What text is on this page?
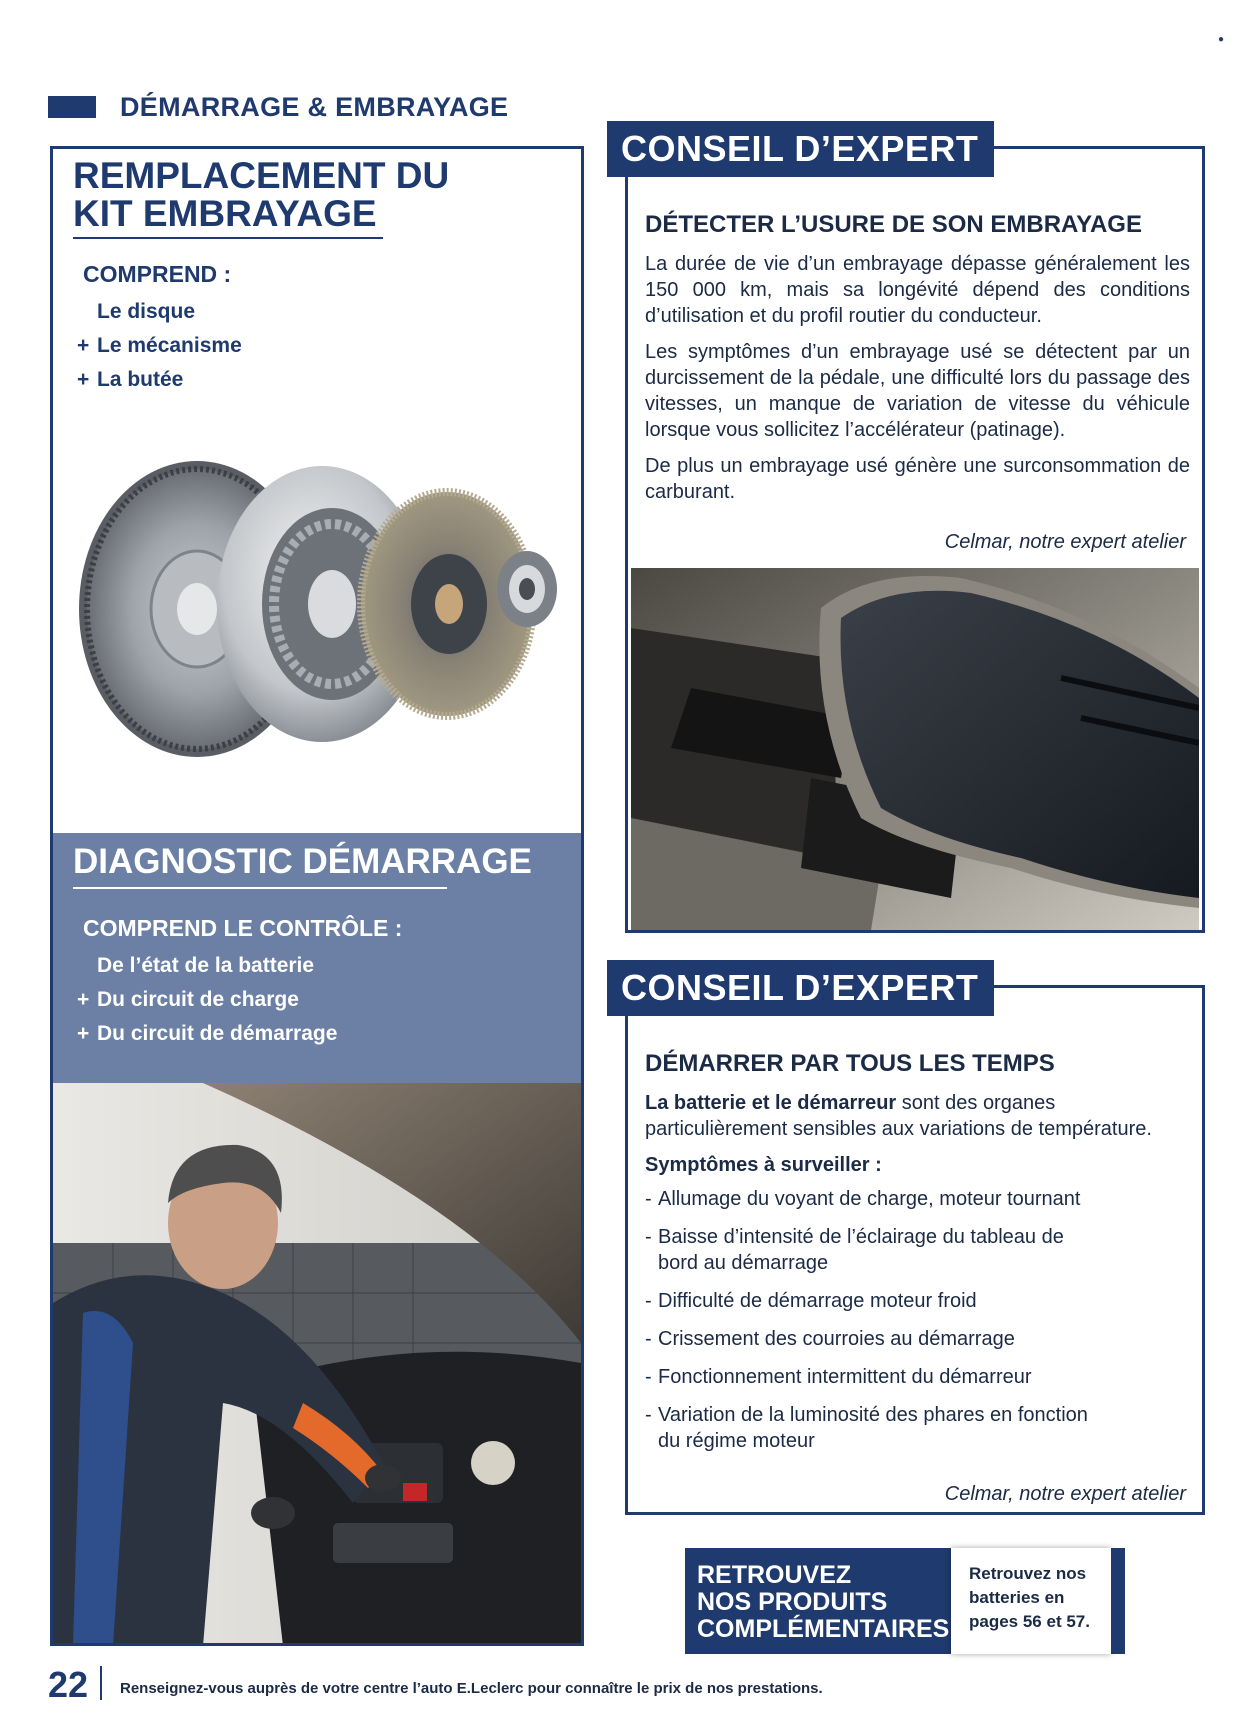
●
DÉMARRAGE & EMBRAYAGE
REMPLACEMENT DU
KIT EMBRAYAGE
COMPREND :
Le disque
+ Le mécanisme
+ La butée
DIAGNOSTIC DÉMARRAGE
COMPREND LE CONTRÔLE :
De l’état de la batterie
+ Du circuit de charge
+ Du circuit de démarrage
DÉTECTER L’USURE DE SON EMBRAYAGE

La durée de vie d’un embrayage dépasse généralement les 150 000 km, mais sa longévité dépend des conditions d’utilisation et du profil routier du conducteur.

Les symptômes d’un embrayage usé se détectent par un durcissement de la pédale, une difficulté lors du passage des vitesses, un manque de variation de vitesse du véhicule lorsque vous sollicitez l’accélérateur (patinage).

De plus un embrayage usé génère une surconsommation de carburant.

Celmar, notre expert atelier
CONSEIL D’EXPERT
DÉMARRER PAR TOUS LES TEMPS

La batterie et le démarreur sont des organes particulièrement sensibles aux variations de température.

Symptômes à surveiller :
- Allumage du voyant de charge, moteur tournant
- Baisse d’intensité de l’éclairage du tableau de bord au démarrage
- Difficulté de démarrage moteur froid
- Crissement des courroies au démarrage
- Fonctionnement intermittent du démarreur
- Variation de la luminosité des phares en fonction du régime moteur
Celmar, notre expert atelier
CONSEIL D’EXPERT
RETROUVEZ
NOS PRODUITS
COMPLÉMENTAIRES
Retrouvez nos
batteries en
pages 56 et 57.
22 Renseignez-vous auprès de votre centre l’auto E.Leclerc pour connaître le prix de nos prestations.
